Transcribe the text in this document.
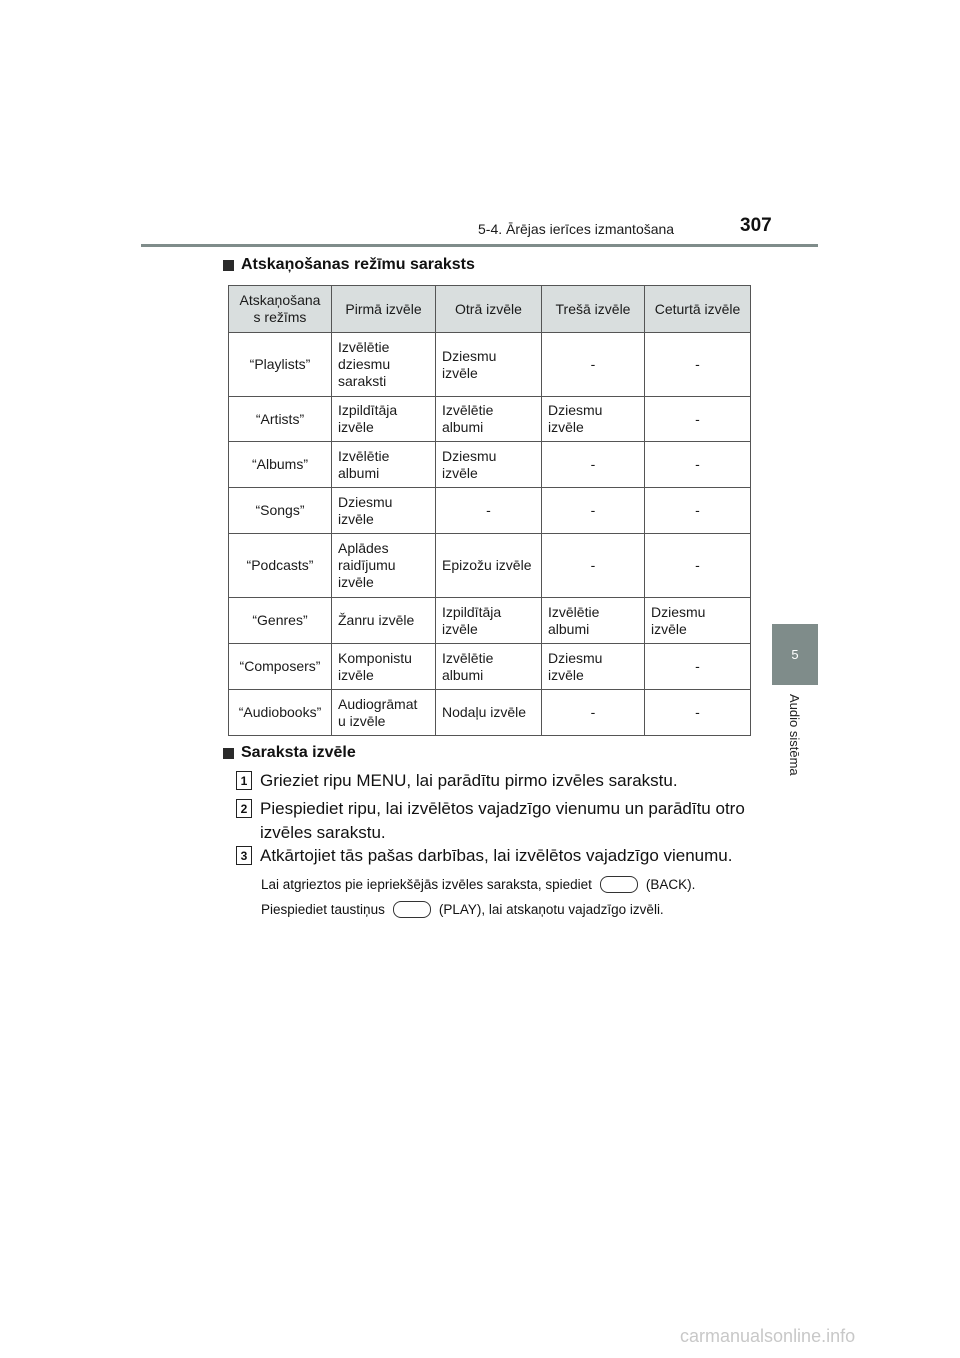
5-4. Ārējas ierīces izmantošana	307
5
Audio sistēma
Atskaņošanas režīmu saraksts
Atskaņošana s režīms	Pirmā izvēle	Otrā izvēle	Trešā izvēle	Ceturtā izvēle
“Playlists”	Izvēlētie dziesmu saraksti	Dziesmu izvēle	-	-
“Artists”	Izpildītāja izvēle	Izvēlētie albumi	Dziesmu izvēle	-
“Albums”	Izvēlētie albumi	Dziesmu izvēle	-	-
“Songs”	Dziesmu izvēle	-	-	-
“Podcasts”	Aplādes raidījumu izvēle	Epizožu izvēle	-	-
“Genres”	Žanru izvēle	Izpildītāja izvēle	Izvēlētie albumi	Dziesmu izvēle
“Composers”	Komponistu izvēle	Izvēlētie albumi	Dziesmu izvēle	-
“Audiobooks”	Audiogrāmat u izvēle	Nodaļu izvēle	-	-
Saraksta izvēle
1 Grieziet ripu MENU, lai parādītu pirmo izvēles sarakstu.
2 Piespiediet ripu, lai izvēlētos vajadzīgo vienumu un parādītu otro izvēles sarakstu.
3 Atkārtojiet tās pašas darbības, lai izvēlētos vajadzīgo vienumu.
Lai atgrieztos pie iepriekšējās izvēles saraksta, spiediet	(BACK).
Piespiediet taustiņus	(PLAY), lai atskaņotu vajadzīgo izvēli.
carmanualsonline.info
